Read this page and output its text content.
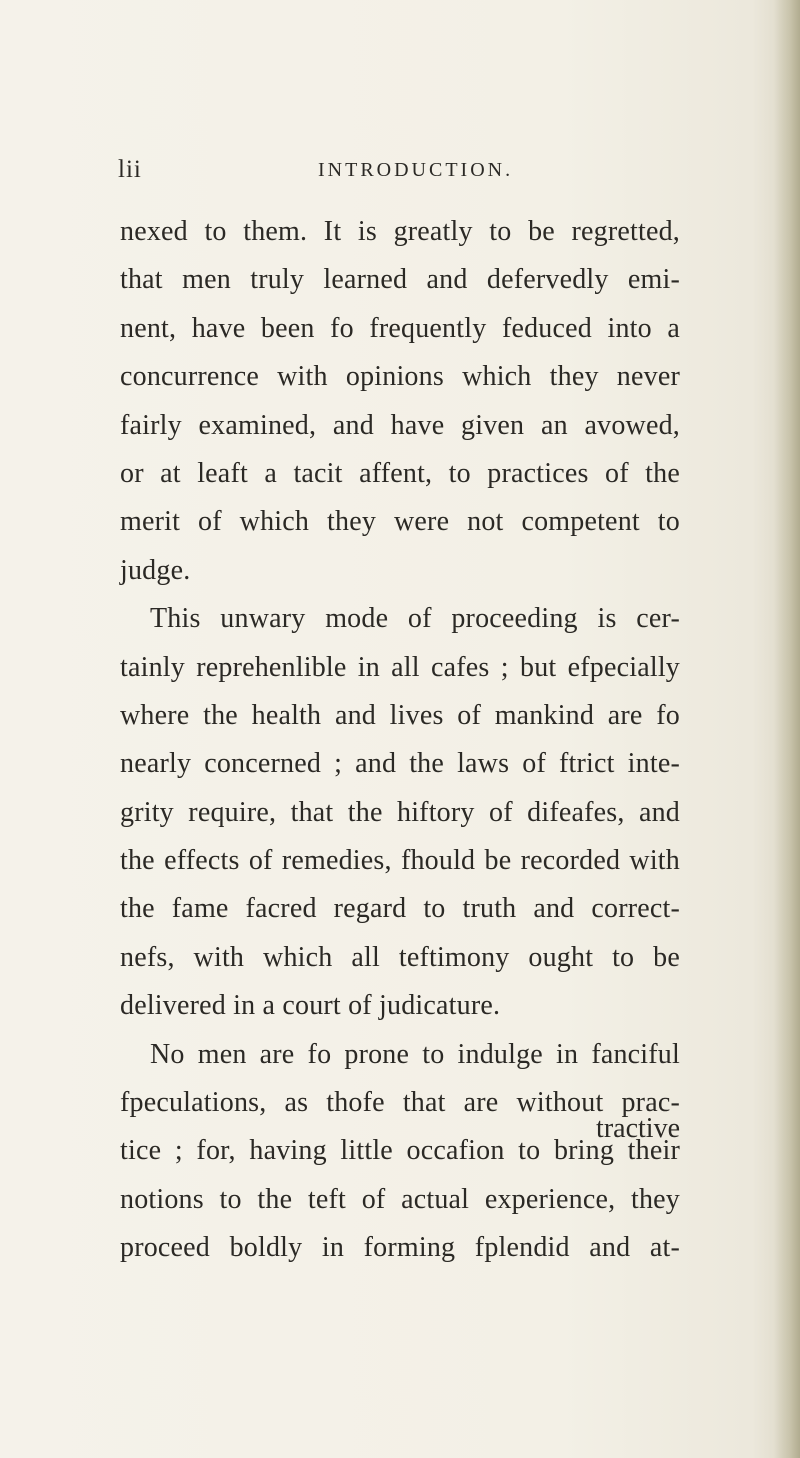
lii	INTRODUCTION.
nexed to them. It is greatly to be regretted,
that men truly learned and defervedly emi-
nent, have been fo frequently feduced into a
concurrence with opinions which they never
fairly examined, and have given an avowed,
or at leaft a tacit affent, to practices of the
merit of which they were not competent to
judge.
This unwary mode of proceeding is cer-
tainly reprehenlible in all cafes ; but efpecially
where the health and lives of mankind are fo
nearly concerned ; and the laws of ftrict inte-
grity require, that the hiftory of difeafes, and
the effects of remedies, fhould be recorded with
the fame facred regard to truth and correct-
nefs, with which all teftimony ought to be
delivered in a court of judicature.
No men are fo prone to indulge in fanciful
fpeculations, as thofe that are without prac-
tice ; for, having little occafion to bring their
notions to the teft of actual experience, they
proceed boldly in forming fplendid and at-
tractive
